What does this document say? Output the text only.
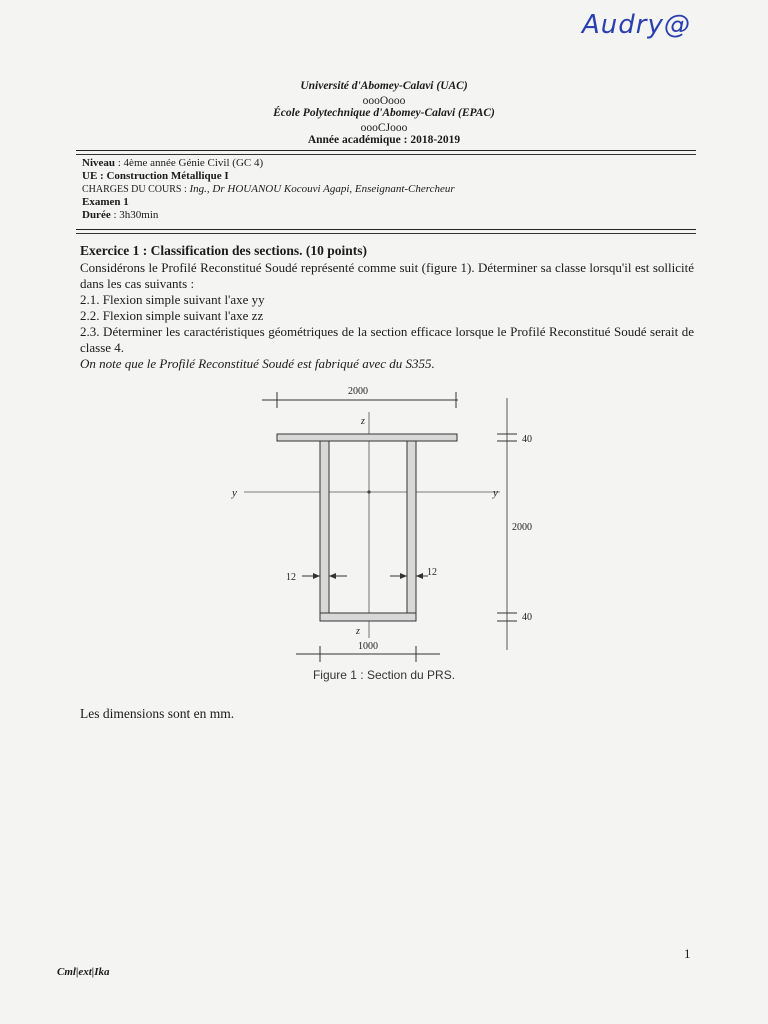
Audry@
Université d'Abomey-Calavi (UAC)
oooOooo
École Polytechnique d'Abomey-Calavi (EPAC)
oooCJooo
Année académique : 2018-2019
Niveau : 4ème année Génie Civil (GC 4)
UE : Construction Métallique I
CHARGES DU COURS : Ing., Dr HOUANOU Kocouvi Agapi, Enseignant-Chercheur
Examen 1
Durée : 3h30min
Exercice 1 : Classification des sections. (10 points)
Considérons le Profilé Reconstitué Soudé représenté comme suit (figure 1). Déterminer sa classe lorsqu'il est sollicité dans les cas suivants :
2.1. Flexion simple suivant l'axe yy
2.2. Flexion simple suivant l'axe zz
2.3. Déterminer les caractéristiques géométriques de la section efficace lorsque le Profilé Reconstitué Soudé serait de classe 4.
On note que le Profilé Reconstitué Soudé est fabriqué avec du S355.
2000
z
z
y	y
12	12
1000
40
2000
40
Figure 1 : Section du PRS.
Les dimensions sont en mm.
1
Cml|ext|Ika
